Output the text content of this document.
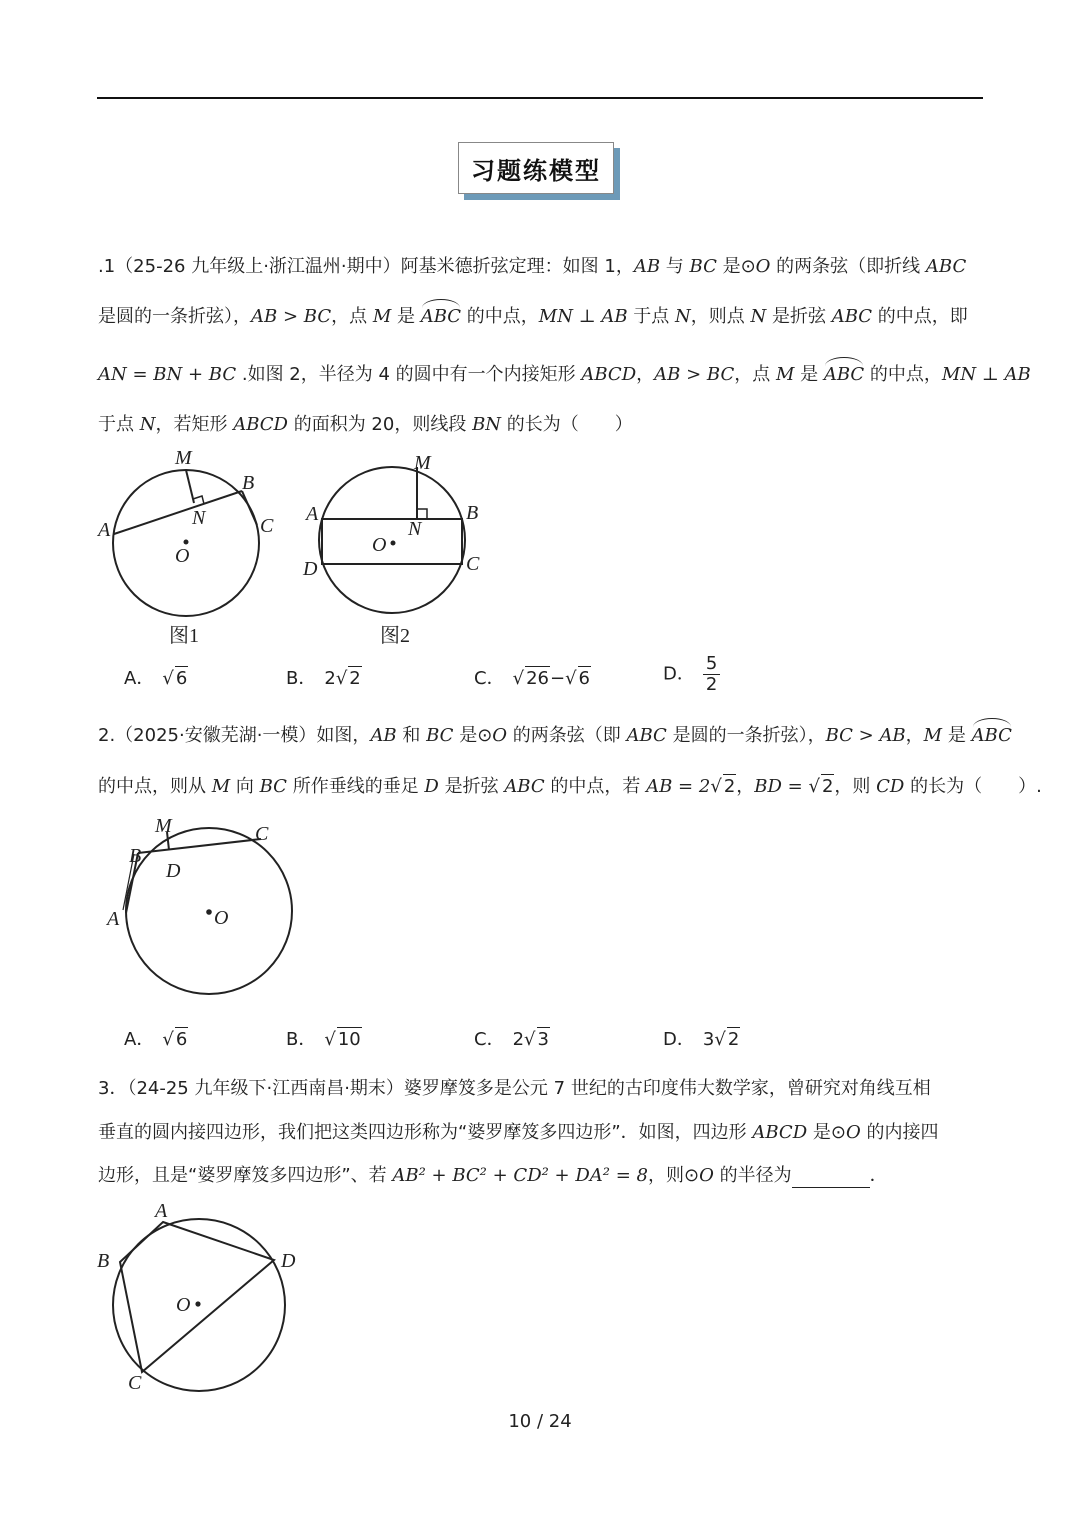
习题练模型
.1（25-26 九年级上·浙江温州·期中）阿基米德折弦定理：如图 1，AB 与 BC 是⊙O 的两条弦（即折线 ABC
是圆的一条折弦），AB > BC，点 M 是 ABC 的中点，MN ⊥ AB 于点 N，则点 N 是折弦 ABC 的中点，即
AN = BN + BC .如图 2，半径为 4 的圆中有一个内接矩形 ABCD，AB > BC，点 M 是 ABC 的中点，MN ⊥ AB
于点 N，若矩形 ABCD 的面积为 20，则线段 BN 的长为（　　）
M
B
A
N	C
O
图1
M
A	B
N
O
D	C
图2
A． √ 6	B． 2√ 2	C． √ 26−√ 6	D． $\frac{5}{2}$
2.（2025·安徽芜湖·一模）如图，AB 和 BC 是⊙O 的两条弦（即 ABC 是圆的一条折弦），BC > AB，M 是 ABC
的中点，则从 M 向 BC 所作垂线的垂足 D 是折弦 ABC 的中点，若 AB = 2√ 2，BD = √ 2，则 CD 的长为（　　）.
M	C
B
D
A	O
A． √ 6	B． √ 10	C． 2√ 3	D． 3√ 2
3．（24-25 九年级下·江西南昌·期末）婆罗摩笈多是公元 7 世纪的古印度伟大数学家，曾研究对角线互相
垂直的圆内接四边形，我们把这类四边形称为“婆罗摩笈多四边形”．如图，四边形 ABCD 是⊙O 的内接四
边形，且是“婆罗摩笈多四边形”、若 AB² + BC² + CD² + DA² = 8，则⊙O 的半径为	．
A
B	D
O
C
10 / 24
